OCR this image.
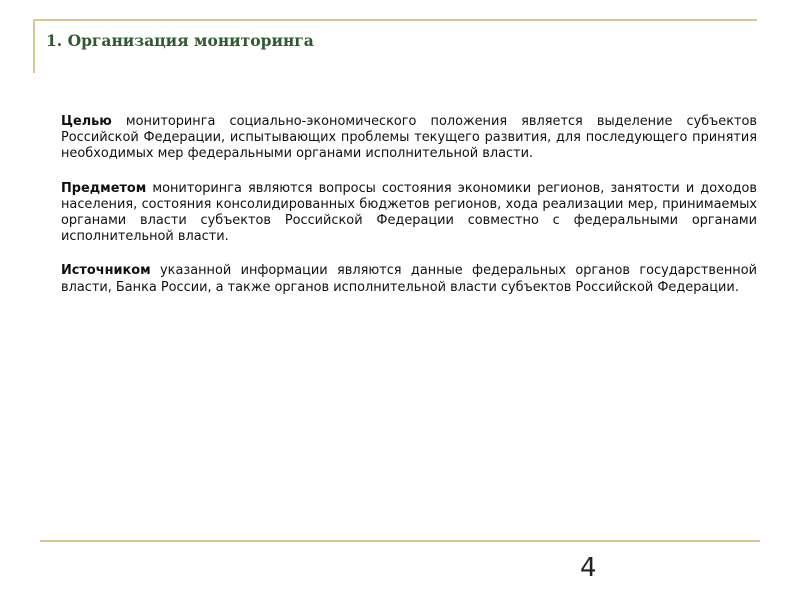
1. Организация мониторинга

Целью мониторинга социально-экономического положения является выделение субъектов Российской Федерации, испытывающих проблемы текущего развития, для последующего принятия необходимых мер федеральными органами исполнительной власти.

Предметом мониторинга являются вопросы состояния экономики регионов, занятости и доходов населения, состояния консолидированных бюджетов регионов, хода реализации мер, принимаемых органами власти субъектов Российской Федерации совместно с федеральными органами исполнительной власти.

Источником указанной информации являются данные федеральных органов государственной власти, Банка России, а также органов исполнительной власти субъектов Российской Федерации.

4
